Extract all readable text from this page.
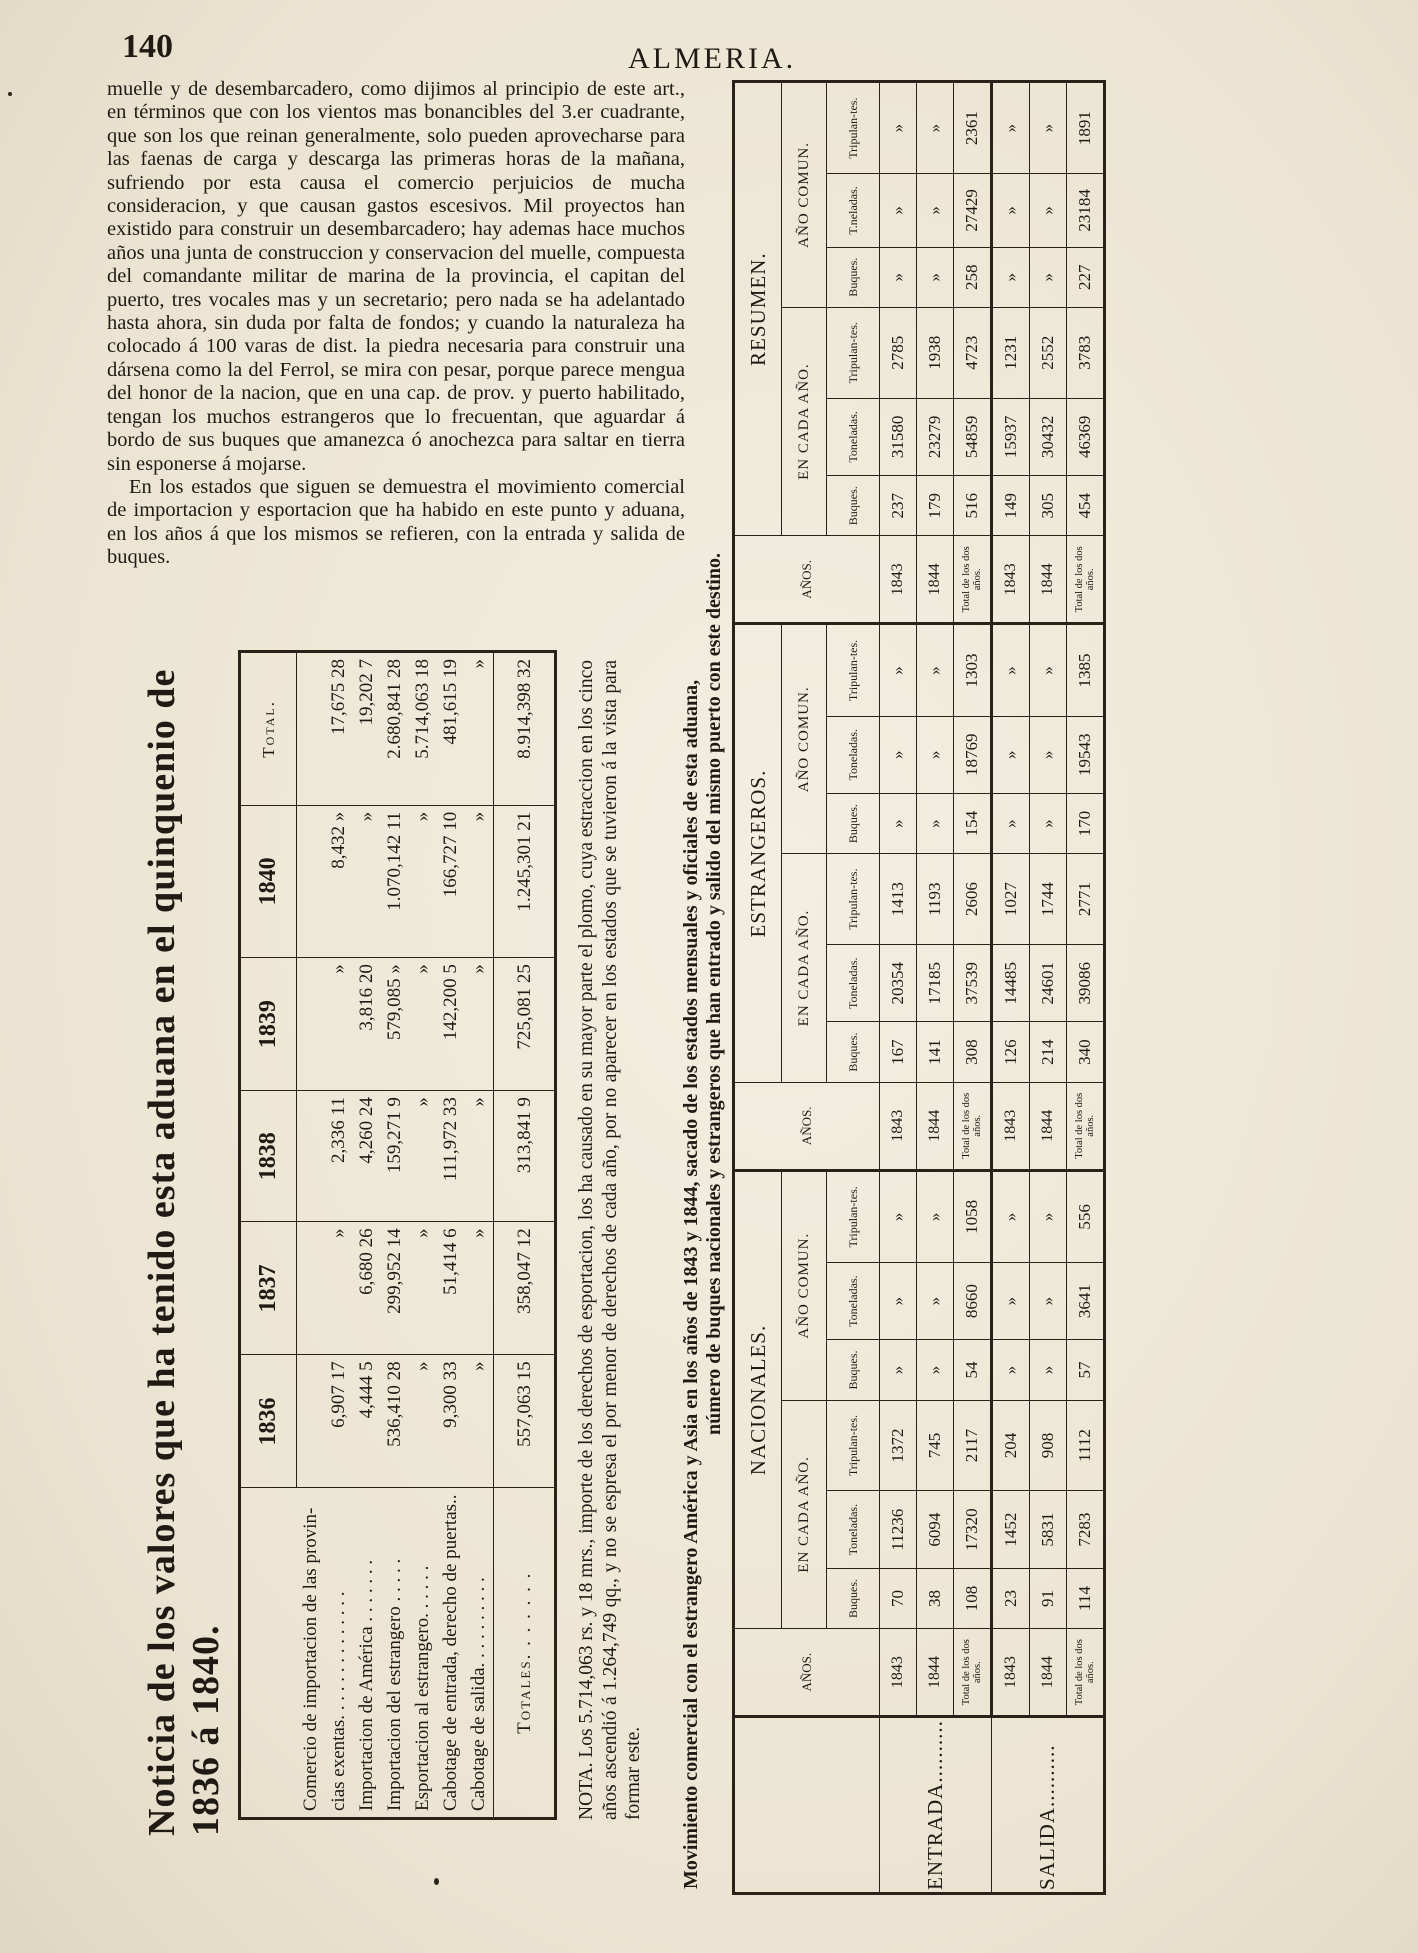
140	ALMERIA.

muelle y de desembarcadero, como dijimos al principio de este art., en términos que con los vientos mas bonancibles del 3.er cuadrante, que son los que reinan generalmente, solo pueden aprovecharse para las faenas de carga y descarga las primeras horas de la mañana, sufriendo por esta causa el comercio perjuicios de mucha consideracion, y que causan gastos escesivos. Mil proyectos han existido para construir un desembarcadero; hay ademas hace muchos años una junta de construccion y conservacion del muelle, compuesta del comandante militar de marina de la provincia, el capitan del puerto, tres vocales mas y un secretario; pero nada se ha adelantado hasta ahora, sin duda por falta de fondos; y cuando la naturaleza ha colocado á 100 varas de dist. la piedra necesaria para construir una dársena como la del Ferrol, se mira con pesar, porque parece mengua del honor de la nacion, que en una cap. de prov. y puerto habilitado, tengan los muchos estrangeros que lo frecuentan, que aguardar á bordo de sus buques que amanezca ó anochezca para saltar en tierra sin esponerse á mojarse.

En los estados que siguen se demuestra el movimiento comercial de importacion y esportacion que ha habido en este punto y aduana, en los años á que los mismos se refieren, con la entrada y salida de buques.

Noticia de los valores que ha tenido esta aduana en el quinquenio de 1836 á 1840.
	1836	1837	1838	1839	1840	Total.
Comercio de importacion de las provin-						
cias exentas. . . . . . . . . . . . . .	6,907 17	»	2,336 11	»	8,432 »	17,675 28
Importacion de América . . . . . . .	4,444 5	6,680 26	4,260 24	3,816 20	»	19,202 7
Importacion del estrangero . . . . .	536,410 28	299,952 14	159,271 9	579,085 »	1.070,142 11	2.680,841 28
Esportacion al estrangero. . . . . .	»	»	»	»	»	5.714,063 18
Cabotage de entrada, derecho de puertas..	9,300 33	51,414 6	111,972 33	142,200 5	166,727 10	481,615 19
Cabotage de salida. . . . . . . . . .	»	»	»	»	»	»
Totales. . . . . . .	557,063 15	358,047 12	313,841 9	725,081 25	1.245,301 21	8.914,398 32 NOTA. Los 5.714,063 rs. y 18 mrs., importe de los derechos de esportacion, los ha causado en su mayor parte el plomo, cuya estraccion en los cinco años ascendió á 1.264,749 qq., y no se espresa el por menor de derechos de cada año, por no aparecer en los estados que se tuvieron á la vista para formar este. Movimiento comercial con el estrangero América y Asia en los años de 1843 y 1844, sacado de los estados mensuales y oficiales de esta aduana, número de buques nacionales y estrangeros que han entrado y salido del mismo puerto con este destino.
	AÑOS.	NACIONALES.						AÑOS.	ESTRANGEROS.						AÑOS.	RESUMEN.					
		EN CADA AÑO.			AÑO COMUN.				EN CADA AÑO.			AÑO COMUN.				EN CADA AÑO.			AÑO COMUN.		
		Buques.	Toneladas.	Tripulan-tes.	Buques.	Toneladas.	Tripulan-tes.		Buques.	Toneladas.	Tripulan-tes.	Buques.	Toneladas.	Tripulan-tes.		Buques.	Toneladas.	Tripulan-tes.	Buques.	T.neladas.	Tripulan-tes.
ENTRADA..........	1843	70	11236	1372	»	»	»	1843	167	20354	1413	»	»	»	1843	237	31580	2785	»	»	»
	1844	38	6094	745	»	»	»	1844	141	17185	1193	»	»	»	1844	179	23279	1938	»	»	»
	Total de los dos años.	108	17320	2117	54	8660	1058	Total de los dos años.	308	37539	2606	154	18769	1303	Total de los dos años.	516	54859	4723	258	27429	2361
SALIDA..........	1843	23	1452	204	»	»	»	1843	126	14485	1027	»	»	»	1843	149	15937	1231	»	»	»
	1844	91	5831	908	»	»	»	1844	214	24601	1744	»	»	»	1844	305	30432	2552	»	»	»
	Total de los dos años.	114	7283	1112	57	3641	556	Total de los dos años.	340	39086	2771	170	19543	1385	Total de los dos años.	454	46369	3783	227	23184	1891
